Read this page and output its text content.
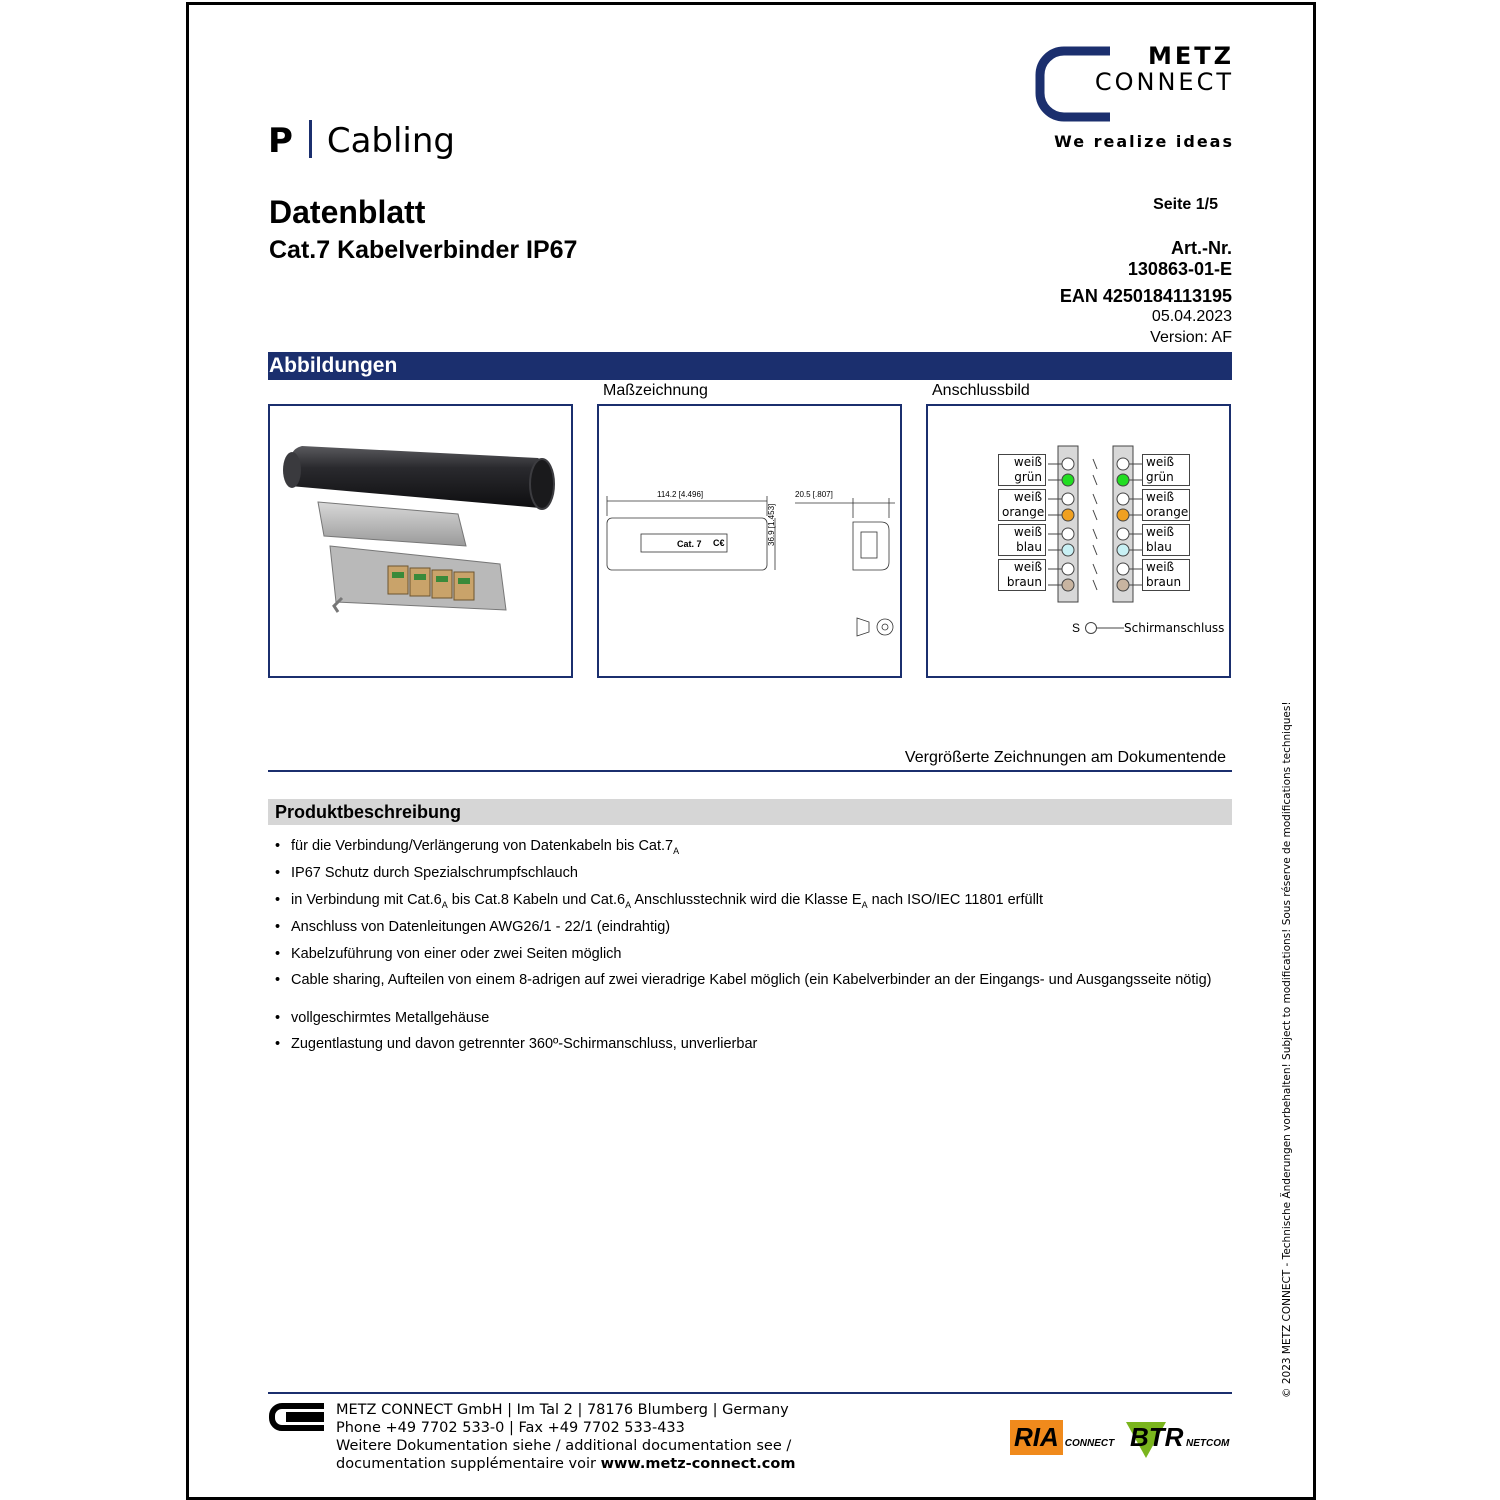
METZ
CONNECT
We realize ideas
P Cabling
Datenblatt
Cat.7 Kabelverbinder IP67
Seite 1/5
Art.-Nr.
130863-01-E
EAN 4250184113195
05.04.2023
Version: AF
Abbildungen
Maßzeichnung	Anschlussbild
114.2 [4.496]	20.5 [.807]
36.9 [1.453]
Cat. 7 C€
weiß
grün
weiß
orange
weiß
blau
weiß
braun
weiß
grün
weiß
orange
weiß
blau
weiß
braun
S	Schirmanschluss
Vergrößerte Zeichnungen am Dokumentende
Produktbeschreibung
• für die Verbindung/Verlängerung von Datenkabeln bis $Cat.7_A$
• IP67 Schutz durch Spezialschrumpfschlauch
• in Verbindung mit $Cat.6_A$ bis Cat.8 Kabeln und $Cat.6_A$ Anschlusstechnik wird die Klasse $E_A$ nach ISO/IEC 11801 erfüllt
• Anschluss von Datenleitungen AWG26/1 - 22/1 (eindrahtig)
• Kabelzuführung von einer oder zwei Seiten möglich
• Cable sharing, Aufteilen von einem 8-adrigen auf zwei vieradrige Kabel möglich (ein Kabelverbinder an der Eingangs- und Ausgangsseite nötig)
• vollgeschirmtes Metallgehäuse
• Zugentlastung und davon getrennter 360º-Schirmanschluss, unverlierbar
METZ CONNECT GmbH | Im Tal 2 | 78176 Blumberg | Germany
Phone +49 7702 533-0 | Fax +49 7702 533-433
Weitere Dokumentation siehe / additional documentation see /
documentation supplémentaire voir www.metz-connect.com
RIA CONNECT BTR NETCOM
© 2023 METZ CONNECT - Technische Änderungen vorbehalten! Subject to modifications! Sous réserve de modifications techniques!
